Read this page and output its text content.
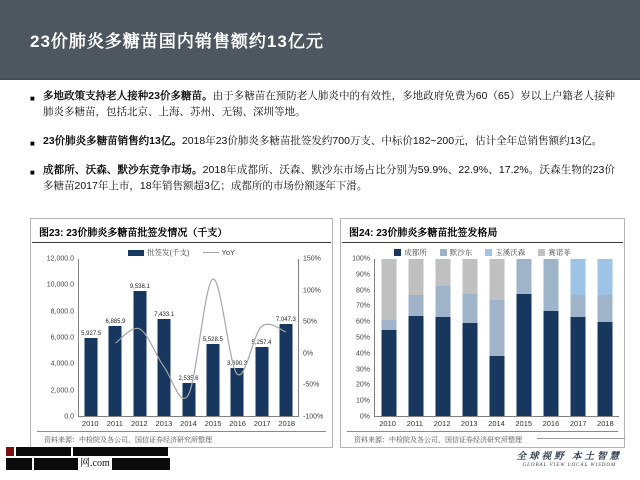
23价肺炎多糖苗国内销售额约13亿元
■ 多地政策支持老人接种23价多糖苗。由于多糖苗在预防老人肺炎中的有效性，多地政府免费为60（65）岁以上户籍老人接种肺炎多糖苗，包括北京、上海、苏州、无锡、深圳等地。
■ 23价肺炎多糖苗销售约13亿。2018年23价肺炎多糖苗批签发约700万支、中标价182~200元，估计全年总销售额约13亿。
■ 成都所、沃森、默沙东竞争市场。2018年成都所、沃森、默沙东市场占比分别为59.9%、22.9%、17.2%。沃森生物的23价多糖苗2017年上市，18年销售额超3亿；成都所的市场份额逐年下滑。
图23: 23价肺炎多糖苗批签发情况（千支）
批签发(千支)	YoY
12,000.0
10,000.0
8,000.0
6,000.0
4,000.0
2,000.0
0.0
5,927.5
6,885.9
9,538.1
7,433.1
2,535.6
5,528.5
3,690.3
5,257.4
7,047.3
150%
100%
50%
0%
-50%
-100%
2010 2011 2012 2013 2014 2015 2016 2017 2018
资料来源：中检院及各公司，国信证券经济研究所整理
图24: 23价肺炎多糖苗批签发格局
成都所	默沙东	玉溪沃森	赛诺菲
100%
90%
80%
70%
60%
50%
40%
30%
20%
10%
0%
2010 2011 2012 2013 2014 2015 2016 2017 2018
资料来源：中检院及各公司，国信证券经济研究所整理
网.com
全球视野 本土智慧
GLOBAL VIEW LOCAL WISDOM
